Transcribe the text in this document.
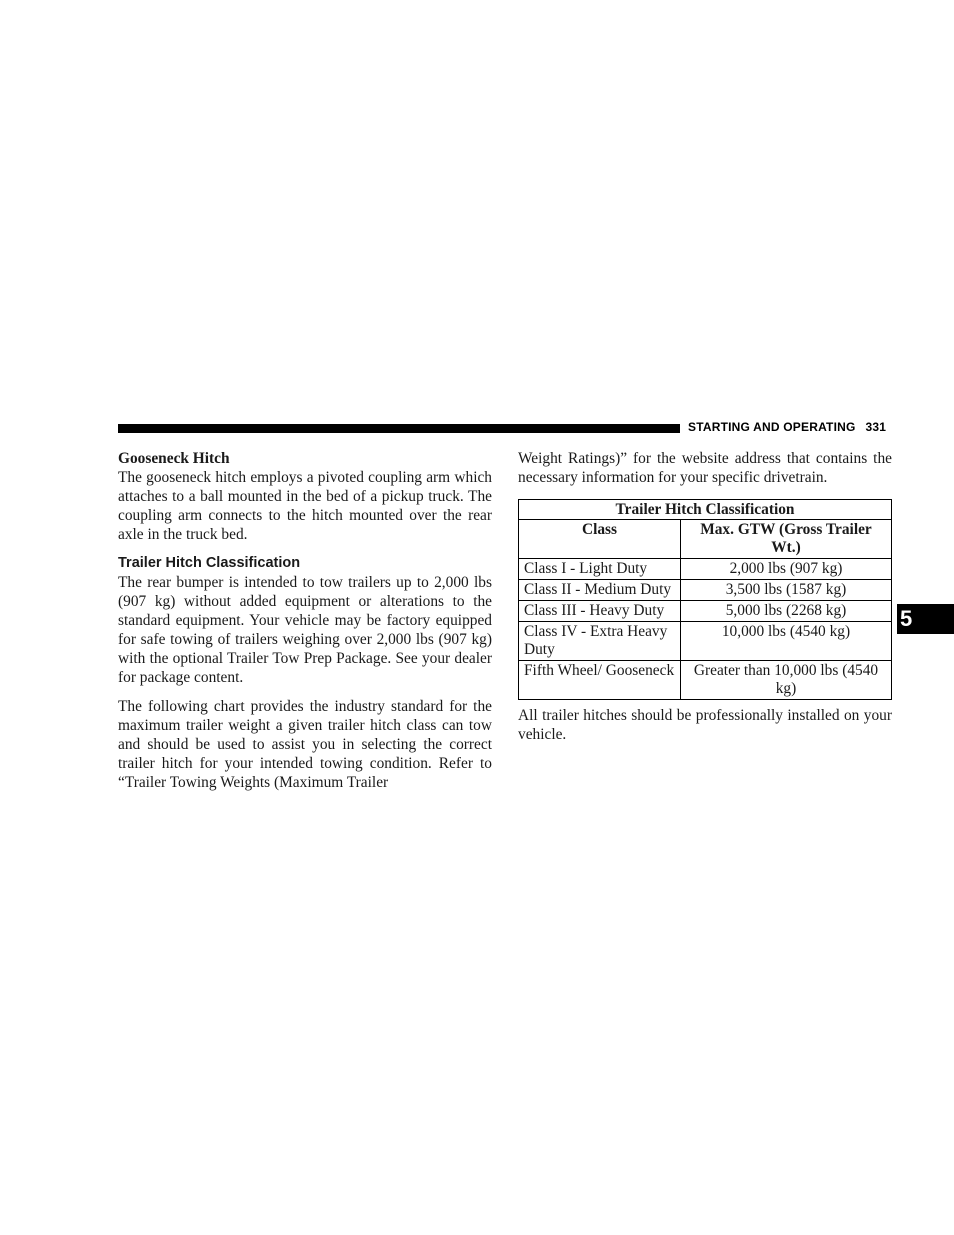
STARTING AND OPERATING 331

Gooseneck Hitch

The gooseneck hitch employs a pivoted coupling arm which attaches to a ball mounted in the bed of a pickup truck. The coupling arm connects to the hitch mounted over the rear axle in the truck bed.

Trailer Hitch Classification

The rear bumper is intended to tow trailers up to 2,000 lbs (907 kg) without added equipment or alterations to the standard equipment. Your vehicle may be factory equipped for safe towing of trailers weighing over 2,000 lbs (907 kg) with the optional Trailer Tow Prep Package. See your dealer for package content.

The following chart provides the industry standard for the maximum trailer weight a given trailer hitch class can tow and should be used to assist you in selecting the correct trailer hitch for your intended towing condition. Refer to “Trailer Towing Weights (Maximum Trailer

Weight Ratings)” for the website address that contains the necessary information for your specific drivetrain.

Trailer Hitch Classification	
Class	Max. GTW (Gross Trailer Wt.)
Class I - Light Duty	2,000 lbs (907 kg)
Class II - Medium Duty	3,500 lbs (1587 kg)
Class III - Heavy Duty	5,000 lbs (2268 kg)
Class IV - Extra Heavy Duty	10,000 lbs (4540 kg)
Fifth Wheel/ Gooseneck	Greater than 10,000 lbs (4540 kg)

All trailer hitches should be professionally installed on your vehicle.

5
